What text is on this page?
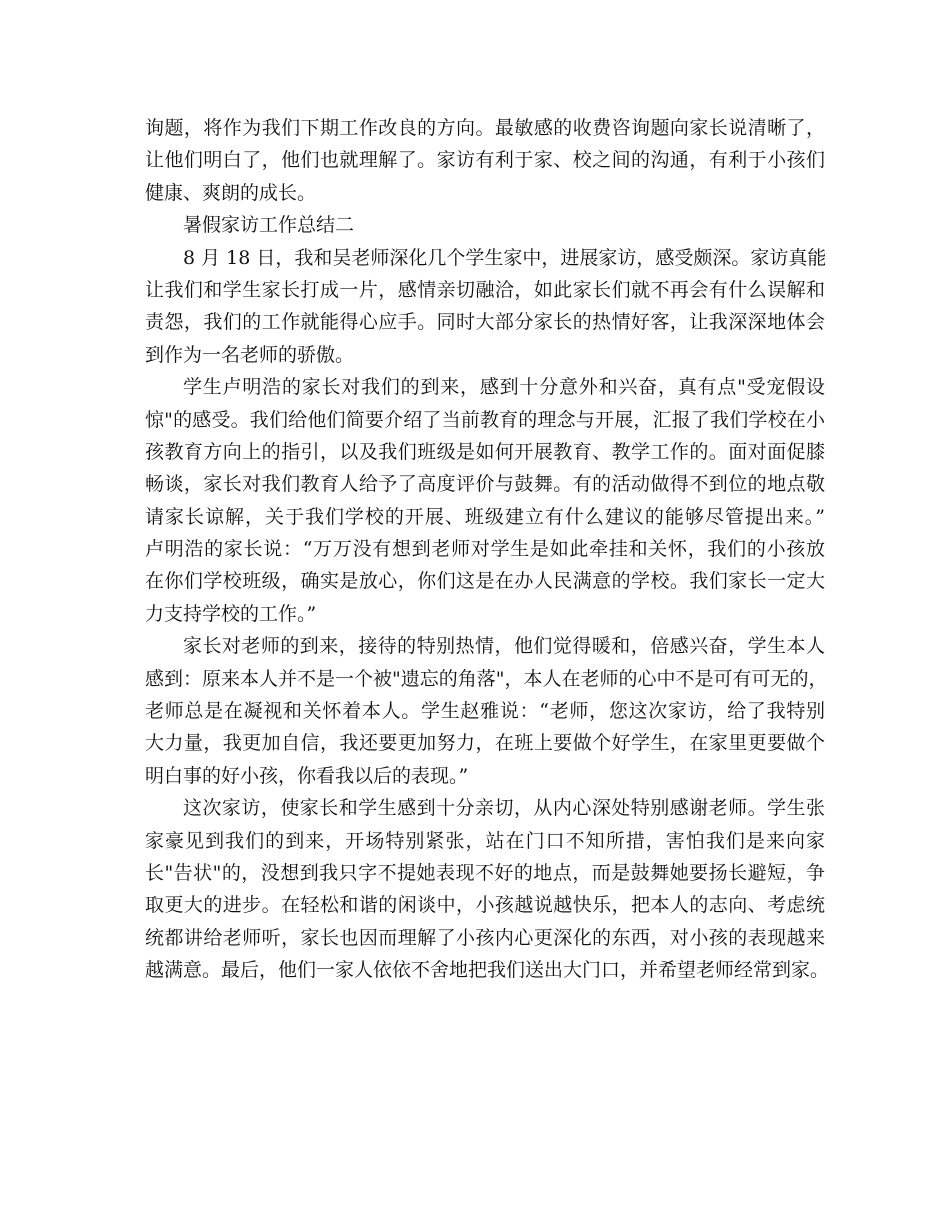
询题，将作为我们下期工作改良的方向。最敏感的收费咨询题向家长说清晰了，
让他们明白了，他们也就理解了。家访有利于家、校之间的沟通，有利于小孩们
健康、爽朗的成长。
暑假家访工作总结二
8 月 18 日，我和吴老师深化几个学生家中，进展家访，感受颇深。家访真能
让我们和学生家长打成一片，感情亲切融洽，如此家长们就不再会有什么误解和
责怨，我们的工作就能得心应手。同时大部分家长的热情好客，让我深深地体会
到作为一名老师的骄傲。
学生卢明浩的家长对我们的到来，感到十分意外和兴奋，真有点"受宠假设
惊"的感受。我们给他们简要介绍了当前教育的理念与开展，汇报了我们学校在小
孩教育方向上的指引，以及我们班级是如何开展教育、教学工作的。面对面促膝
畅谈，家长对我们教育人给予了高度评价与鼓舞。有的活动做得不到位的地点敬
请家长谅解，关于我们学校的开展、班级建立有什么建议的能够尽管提出来。”
卢明浩的家长说：“万万没有想到老师对学生是如此牵挂和关怀，我们的小孩放
在你们学校班级，确实是放心，你们这是在办人民满意的学校。我们家长一定大
力支持学校的工作。”
家长对老师的到来，接待的特别热情，他们觉得暖和，倍感兴奋，学生本人
感到：原来本人并不是一个被"遗忘的角落"，本人在老师的心中不是可有可无的，
老师总是在凝视和关怀着本人。学生赵雅说：“老师，您这次家访，给了我特别
大力量，我更加自信，我还要更加努力，在班上要做个好学生，在家里更要做个
明白事的好小孩，你看我以后的表现。”
这次家访，使家长和学生感到十分亲切，从内心深处特别感谢老师。学生张
家豪见到我们的到来，开场特别紧张，站在门口不知所措，害怕我们是来向家
长"告状"的，没想到我只字不提她表现不好的地点，而是鼓舞她要扬长避短，争
取更大的进步。在轻松和谐的闲谈中，小孩越说越快乐，把本人的志向、考虑统
统都讲给老师听，家长也因而理解了小孩内心更深化的东西，对小孩的表现越来
越满意。最后，他们一家人依依不舍地把我们送出大门口，并希望老师经常到家。
